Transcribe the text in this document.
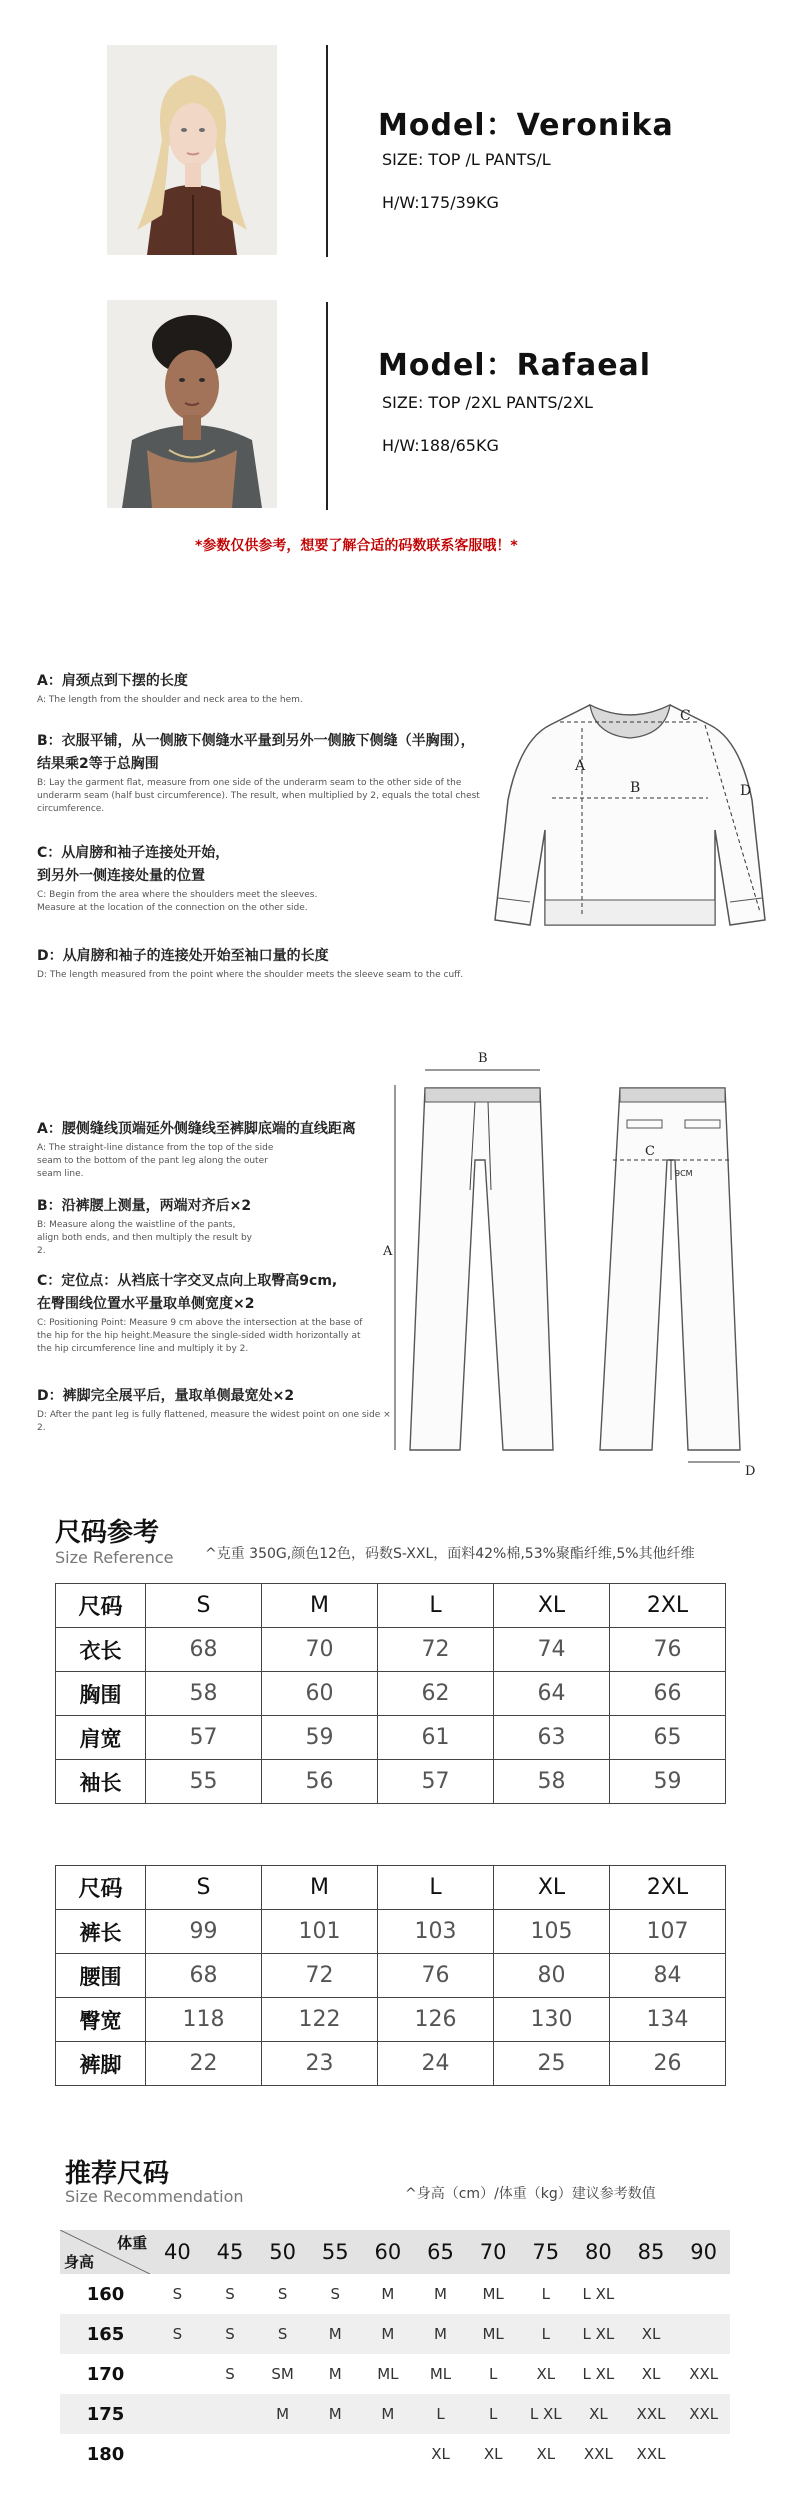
Model：Veronika
SIZE: TOP /L PANTS/L
H/W:175/39KG
Model：Rafaeal
SIZE: TOP /2XL PANTS/2XL
H/W:188/65KG
*参数仅供参考，想要了解合适的码数联系客服哦！*
A：肩颈点到下摆的长度
A: The length from the shoulder and neck area to the hem.
B：衣服平铺，从一侧腋下侧缝水平量到另外一侧腋下侧缝（半胸围），
结果乘2等于总胸围
B: Lay the garment flat, measure from one side of the underarm seam to the other side of the underarm seam (half bust circumference). The result, when multiplied by 2, equals the total chest circumference.
C：从肩膀和袖子连接处开始，
到另外一侧连接处量的位置
C: Begin from the area where the shoulders meet the sleeves. Measure at the location of the connection on the other side.
D：从肩膀和袖子的连接处开始至袖口量的长度
D: The length measured from the point where the shoulder meets the sleeve seam to the cuff.
A
B
C
D
A：腰侧缝线顶端延外侧缝线至裤脚底端的直线距离
A: The straight-line distance from the top of the side seam to the bottom of the pant leg along the outer seam line.
B：沿裤腰上测量，两端对齐后×2
B: Measure along the waistline of the pants, align both ends, and then multiply the result by 2.
C：定位点：从裆底十字交叉点向上取臀高9cm,
在臀围线位置水平量取单侧宽度×2
C: Positioning Point: Measure 9 cm above the intersection at the base of the hip for the hip height.Measure the single-sided width horizontally at the hip circumference line and multiply it by 2.
D：裤脚完全展平后，量取单侧最宽处×2
D: After the pant leg is fully flattened, measure the widest point on one side × 2.
B
A
9CM
C
D
尺码参考
Size Reference ^克重 350G,颜色12色，码数S-XXL，面料42%棉,53%聚酯纤维,5%其他纤维
尺码	S	M	L	XL	2XL
衣长	68	70	72	74	76
胸围	58	60	62	64	66
肩宽	57	59	61	63	65
袖长	55	56	57	58	59
尺码	S	M	L	XL	2XL
裤长	99	101	103	105	107
腰围	68	72	76	80	84
臀宽	118	122	126	130	134
裤脚	22	23	24	25	26
推荐尺码
Size Recommendation	^身高（cm）/体重（kg）建议参考数值
体重
身高	40	45	50	55	60	65	70	75	80	85	90
160	S	S	S	S	M	M	ML	L	L XL		
165	S	S	S	M	M	M	ML	L	L XL	XL	
170		S	SM	M	ML	ML	L	XL	L XL	XL	XXL
175			M	M	M	L	L	L XL	XL	XXL	XXL
180						XL	XL	XL	XXL	XXL	
